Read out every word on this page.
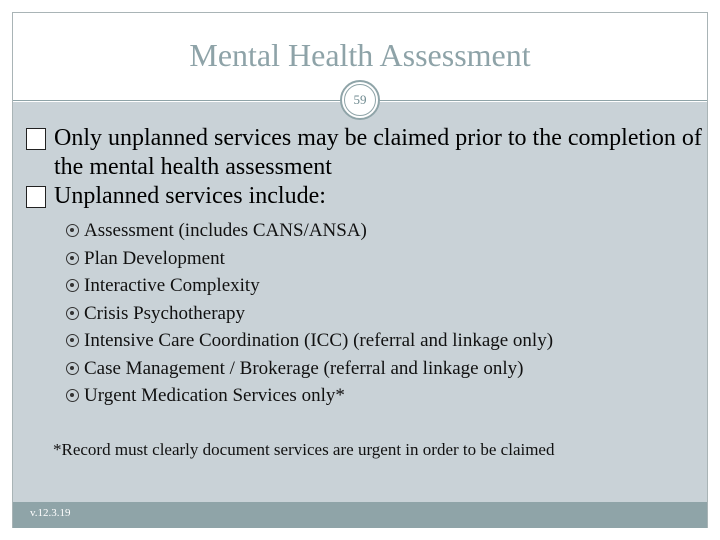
Mental Health Assessment
59

Only unplanned services may be claimed prior to the completion of the mental health assessment

Unplanned services include:

Assessment (includes CANS/ANSA)

Plan Development

Interactive Complexity

Crisis Psychotherapy

Intensive Care Coordination (ICC) (referral and linkage only)

Case Management / Brokerage (referral and linkage only)

Urgent Medication Services only*

*Record must clearly document services are urgent in order to be claimed
v.12.3.19
